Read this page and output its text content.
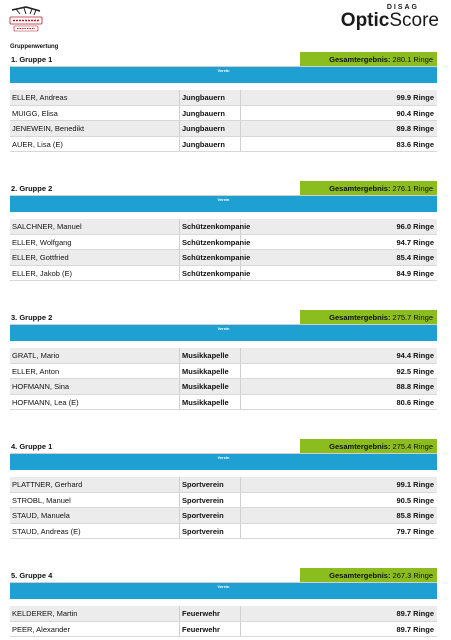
DISAG
OpticScore
Gruppenwertung
1. Gruppe 1	Gesamtergebnis: 280.1 Ringe
Verein
ELLER, Andreas	Jungbauern	99.9 Ringe
MUIGG, Elisa	Jungbauern	90.4 Ringe
JENEWEIN, Benedikt	Jungbauern	89.8 Ringe
AUER, Lisa (E)	Jungbauern	83.6 Ringe
2. Gruppe 2	Gesamtergebnis: 276.1 Ringe
Verein
SALCHNER, Manuel	Schützenkompanie	96.0 Ringe
ELLER, Wolfgang	Schützenkompanie	94.7 Ringe
ELLER, Gottfried	Schützenkompanie	85.4 Ringe
ELLER, Jakob (E)	Schützenkompanie	84.9 Ringe
3. Gruppe 2	Gesamtergebnis: 275.7 Ringe
Verein
GRATL, Mario	Musikkapelle	94.4 Ringe
ELLER, Anton	Musikkapelle	92.5 Ringe
HOFMANN, Sina	Musikkapelle	88.8 Ringe
HOFMANN, Lea (E)	Musikkapelle	80.6 Ringe
4. Gruppe 1	Gesamtergebnis: 275.4 Ringe
Verein
PLATTNER, Gerhard	Sportverein	99.1 Ringe
STROBL, Manuel	Sportverein	90.5 Ringe
STAUD, Manuela	Sportverein	85.8 Ringe
STAUD, Andreas (E)	Sportverein	79.7 Ringe
5. Gruppe 4	Gesamtergebnis: 267.3 Ringe
Verein
KELDERER, Martin	Feuerwehr	89.7 Ringe
PEER, Alexander	Feuerwehr	89.7 Ringe
